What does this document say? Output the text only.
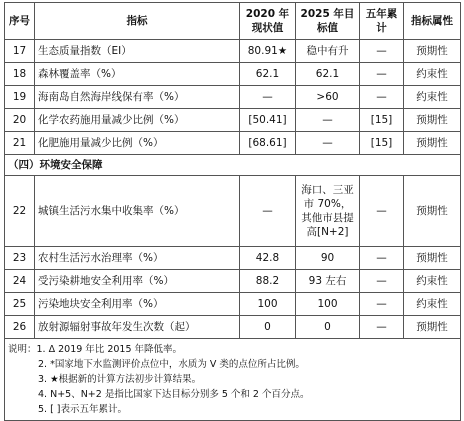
序号	指标	2020 年现状值	2025 年目标值	五年累计	指标属性
17	生态质量指数（EI）	80.91★	稳中有升	—	预期性
18	森林覆盖率（%）	62.1	62.1	—	约束性
19	海南岛自然海岸线保有率（%）	—	>60	—	约束性
20	化学农药施用量减少比例（%）	[50.41]	—	[15]	预期性
21	化肥施用量减少比例（%）	[68.61]	—	[15]	预期性
（四）环境安全保障					
22	城镇生活污水集中收集率（%）	—	海口、三亚市 70%，其他市县提高[N+2]	—	预期性
23	农村生活污水治理率（%）	42.8	90	—	预期性
24	受污染耕地安全利用率（%）	88.2	93 左右	—	约束性
25	污染地块安全利用率（%）	100	100	—	约束性
26	放射源辐射事故年发生次数（起）	0	0	—	预期性

说明：1. Δ 2019 年比 2015 年降低率。
2. *国家地下水监测评价点位中，水质为 V 类的点位所占比例。
3. ★根据新的计算方法初步计算结果。
4. N+5、N+2 是指比国家下达目标分别多 5 个和 2 个百分点。
5. [ ]表示五年累计。					
